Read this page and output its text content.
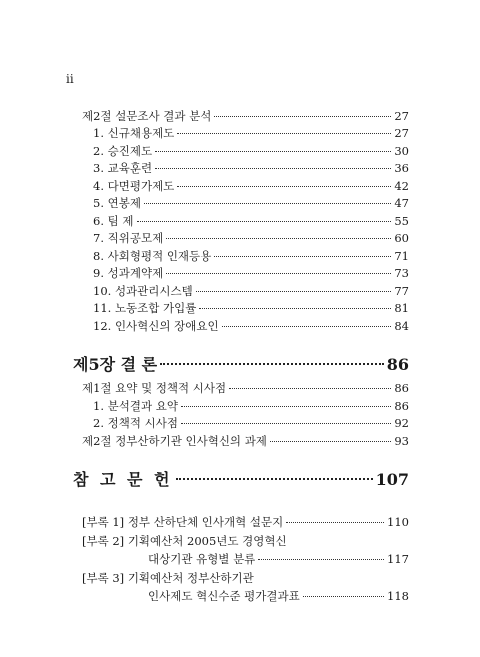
ii
제2절 설문조사 결과 분석	27
1. 신규채용제도	27
2. 승진제도	30
3. 교육훈련	36
4. 다면평가제도	42
5. 연봉제	47
6. 팀 제	55
7. 직위공모제	60
8. 사회형평적 인재등용	71
9. 성과계약제	73
10. 성과관리시스템	77
11. 노동조합 가입률	81
12. 인사혁신의 장애요인	84
제5장 결 론	86
제1절 요약 및 정책적 시사점	86
1. 분석결과 요약	86
2. 정책적 시사점	92
제2절 정부산하기관 인사혁신의 과제	93
참 고 문 헌	107
[부록 1] 정부 산하단체 인사개혁 설문지	110
[부록 2] 기획예산처 2005년도 경영혁신
대상기관 유형별 분류	117
[부록 3] 기획예산처 정부산하기관
인사제도 혁신수준 평가결과표	118
